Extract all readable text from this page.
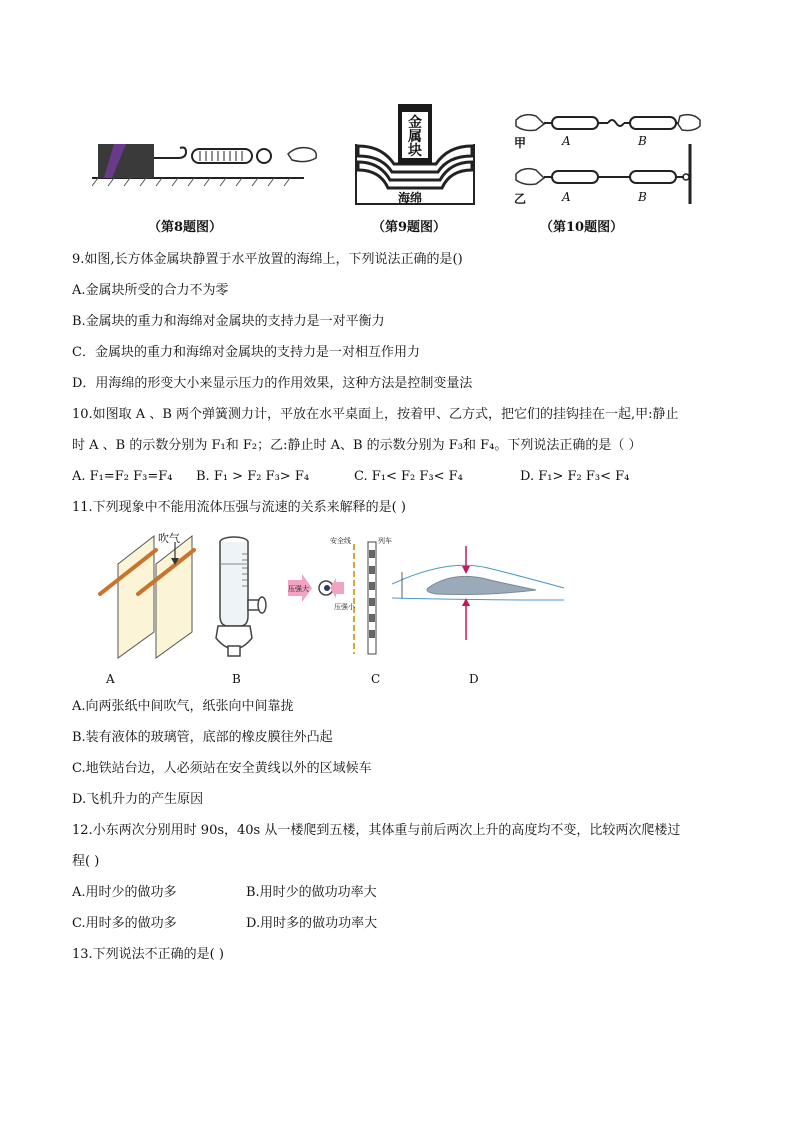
（第8题图）
金属块
海绵
（第9题图）
甲	A	B
乙	A	B
（第10题图）
9.如图,长方体金属块静置于水平放置的海绵上，下列说法正确的是()
A.金属块所受的合力不为零
B.金属块的重力和海绵对金属块的支持力是一对平衡力
C．金属块的重力和海绵对金属块的支持力是一对相互作用力
D．用海绵的形变大小来显示压力的作用效果，这种方法是控制变量法
10.如图取 A 、B 两个弹簧测力计，平放在水平桌面上，按着甲、乙方式，把它们的挂钩挂在一起,甲:静止
时 A 、B 的示数分别为 F₁和 F₂；乙:静止时 A、B 的示数分别为 F₃和 F₄。下列说法正确的是（ ）
A. F₁=F₂ F₃=F₄ B. F₁ > F₂ F₃> F₄	C. F₁< F₂ F₃< F₄	D. F₁> F₂ F₃< F₄
11.下列现象中不能用流体压强与流速的关系来解释的是( )
吹气	安全线	列车
压强大
压强小
A	B	C	D
A.向两张纸中间吹气，纸张向中间靠拢
B.装有液体的玻璃管，底部的橡皮膜往外凸起
C.地铁站台边，人必须站在安全黄线以外的区域候车
D.飞机升力的产生原因
12.小东两次分别用时 90s，40s 从一楼爬到五楼，其体重与前后两次上升的高度均不变，比较两次爬楼过
程( )
A.用时少的做功多	B.用时少的做功功率大
C.用时多的做功多	D.用时多的做功功率大
13.下列说法不正确的是( )
